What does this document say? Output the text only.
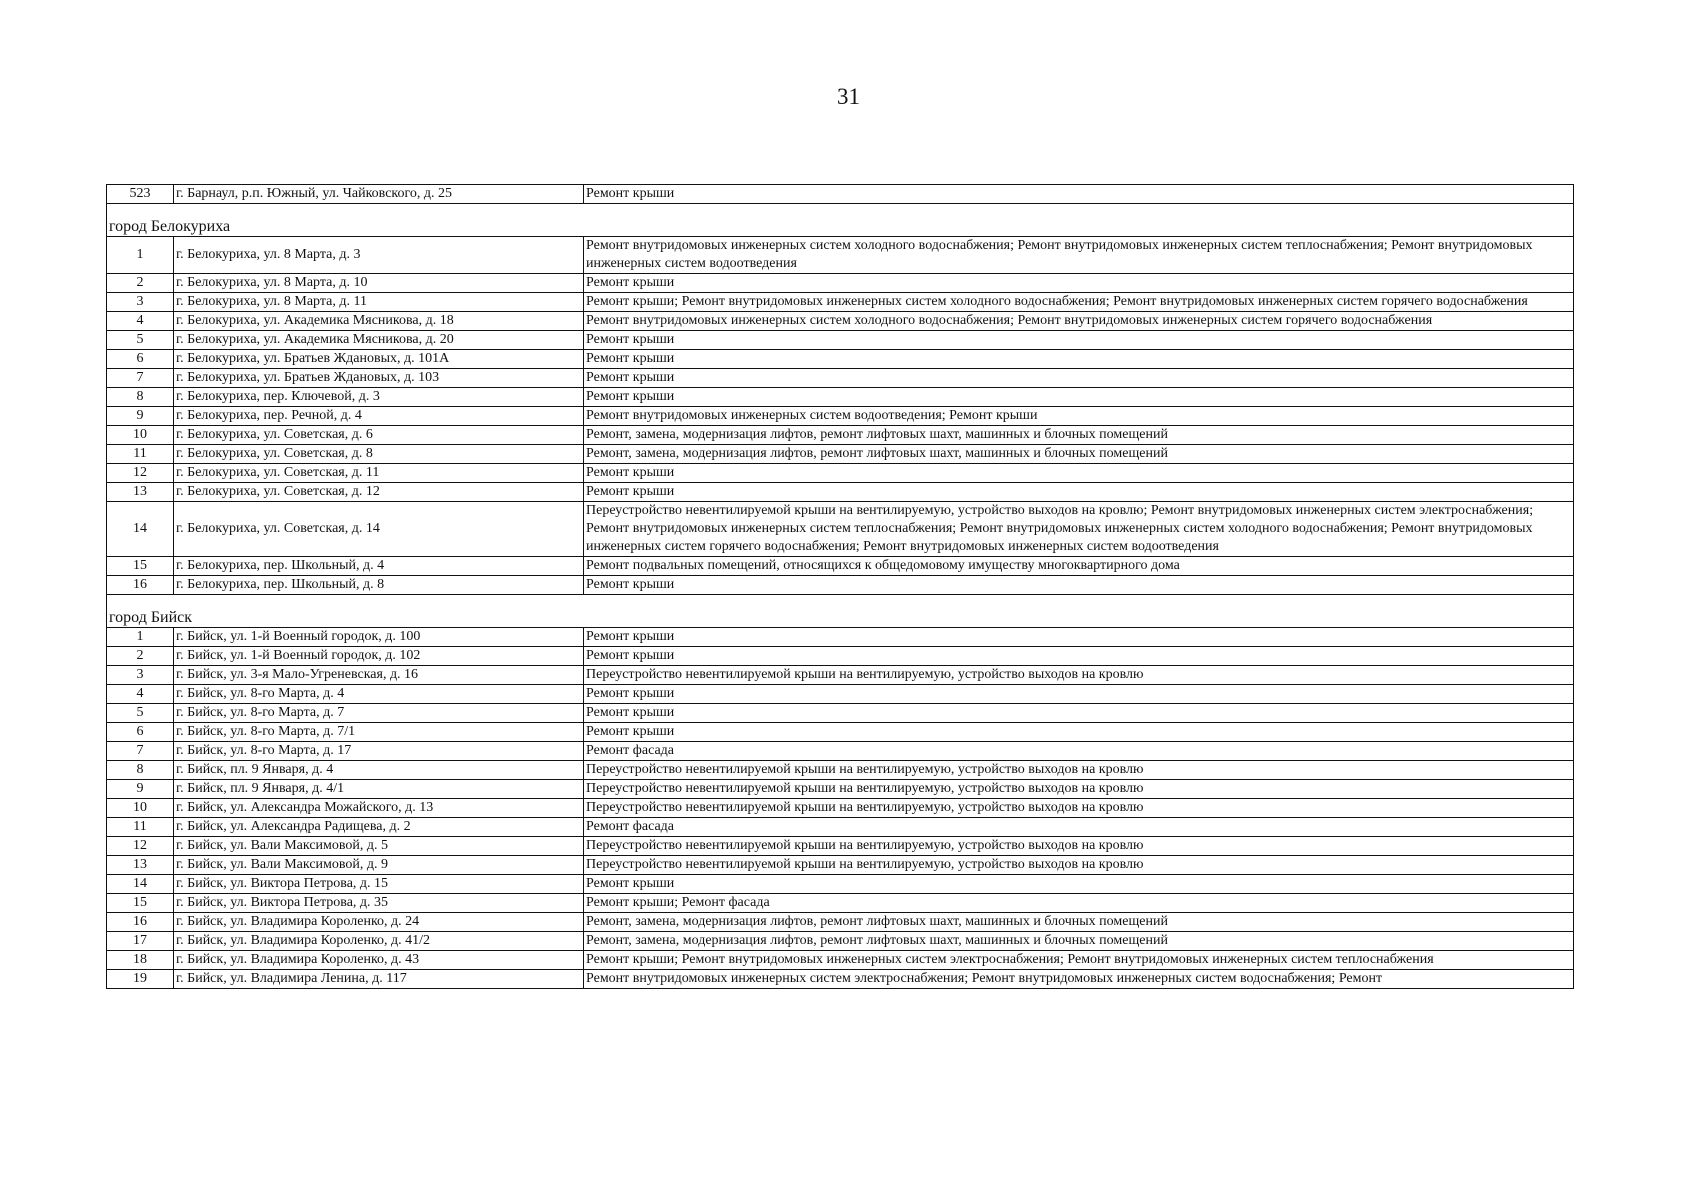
31
523	г. Барнаул, р.п. Южный, ул. Чайковского, д. 25	Ремонт крыши

город Белокуриха		
1	г. Белокуриха, ул. 8 Марта, д. 3	Ремонт внутридомовых инженерных систем холодного водоснабжения; Ремонт внутридомовых инженерных систем теплоснабжения; Ремонт внутридомовых инженерных систем водоотведения
2	г. Белокуриха, ул. 8 Марта, д. 10	Ремонт крыши
3	г. Белокуриха, ул. 8 Марта, д. 11	Ремонт крыши; Ремонт внутридомовых инженерных систем холодного водоснабжения; Ремонт внутридомовых инженерных систем горячего водоснабжения
4	г. Белокуриха, ул. Академика Мясникова, д. 18	Ремонт внутридомовых инженерных систем холодного водоснабжения; Ремонт внутридомовых инженерных систем горячего водоснабжения
5	г. Белокуриха, ул. Академика Мясникова, д. 20	Ремонт крыши
6	г. Белокуриха, ул. Братьев Ждановых, д. 101А	Ремонт крыши
7	г. Белокуриха, ул. Братьев Ждановых, д. 103	Ремонт крыши
8	г. Белокуриха, пер. Ключевой, д. 3	Ремонт крыши
9	г. Белокуриха, пер. Речной, д. 4	Ремонт внутридомовых инженерных систем водоотведения; Ремонт крыши
10	г. Белокуриха, ул. Советская, д. 6	Ремонт, замена, модернизация лифтов, ремонт лифтовых шахт, машинных и блочных помещений
11	г. Белокуриха, ул. Советская, д. 8	Ремонт, замена, модернизация лифтов, ремонт лифтовых шахт, машинных и блочных помещений
12	г. Белокуриха, ул. Советская, д. 11	Ремонт крыши
13	г. Белокуриха, ул. Советская, д. 12	Ремонт крыши
14	г. Белокуриха, ул. Советская, д. 14	Переустройство невентилируемой крыши на вентилируемую, устройство выходов на кровлю; Ремонт внутридомовых инженерных систем электроснабжения; Ремонт внутридомовых инженерных систем теплоснабжения; Ремонт внутридомовых инженерных систем холодного водоснабжения; Ремонт внутридомовых инженерных систем горячего водоснабжения; Ремонт внутридомовых инженерных систем водоотведения
15	г. Белокуриха, пер. Школьный, д. 4	Ремонт подвальных помещений, относящихся к общедомовому имуществу многоквартирного дома
16	г. Белокуриха, пер. Школьный, д. 8	Ремонт крыши

город Бийск		
1	г. Бийск, ул. 1-й Военный городок, д. 100	Ремонт крыши
2	г. Бийск, ул. 1-й Военный городок, д. 102	Ремонт крыши
3	г. Бийск, ул. 3-я Мало-Угреневская, д. 16	Переустройство невентилируемой крыши на вентилируемую, устройство выходов на кровлю
4	г. Бийск, ул. 8-го Марта, д. 4	Ремонт крыши
5	г. Бийск, ул. 8-го Марта, д. 7	Ремонт крыши
6	г. Бийск, ул. 8-го Марта, д. 7/1	Ремонт крыши
7	г. Бийск, ул. 8-го Марта, д. 17	Ремонт фасада
8	г. Бийск, пл. 9 Января, д. 4	Переустройство невентилируемой крыши на вентилируемую, устройство выходов на кровлю
9	г. Бийск, пл. 9 Января, д. 4/1	Переустройство невентилируемой крыши на вентилируемую, устройство выходов на кровлю
10	г. Бийск, ул. Александра Можайского, д. 13	Переустройство невентилируемой крыши на вентилируемую, устройство выходов на кровлю
11	г. Бийск, ул. Александра Радищева, д. 2	Ремонт фасада
12	г. Бийск, ул. Вали Максимовой, д. 5	Переустройство невентилируемой крыши на вентилируемую, устройство выходов на кровлю
13	г. Бийск, ул. Вали Максимовой, д. 9	Переустройство невентилируемой крыши на вентилируемую, устройство выходов на кровлю
14	г. Бийск, ул. Виктора Петрова, д. 15	Ремонт крыши
15	г. Бийск, ул. Виктора Петрова, д. 35	Ремонт крыши; Ремонт фасада
16	г. Бийск, ул. Владимира Короленко, д. 24	Ремонт, замена, модернизация лифтов, ремонт лифтовых шахт, машинных и блочных помещений
17	г. Бийск, ул. Владимира Короленко, д. 41/2	Ремонт, замена, модернизация лифтов, ремонт лифтовых шахт, машинных и блочных помещений
18	г. Бийск, ул. Владимира Короленко, д. 43	Ремонт крыши; Ремонт внутридомовых инженерных систем электроснабжения; Ремонт внутридомовых инженерных систем теплоснабжения
19	г. Бийск, ул. Владимира Ленина, д. 117	Ремонт внутридомовых инженерных систем электроснабжения; Ремонт внутридомовых инженерных систем водоснабжения; Ремонт
